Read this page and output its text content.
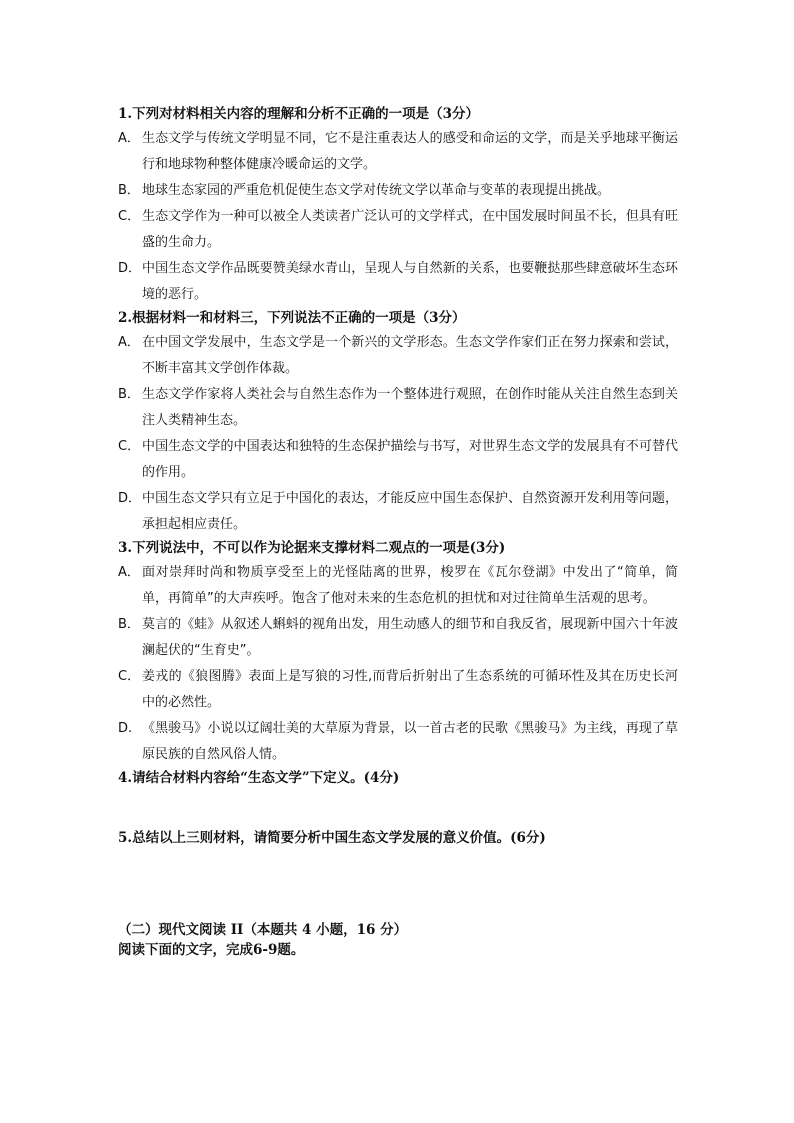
1.下列对材料相关内容的理解和分析不正确的一项是（3分）

A． 生态文学与传统文学明显不同，它不是注重表达人的感受和命运的文学，而是关乎地球平衡运行和地球物种整体健康冷暖命运的文学。

B． 地球生态家园的严重危机促使生态文学对传统文学以革命与变革的表现提出挑战。

C． 生态文学作为一种可以被全人类读者广泛认可的文学样式，在中国发展时间虽不长，但具有旺盛的生命力。

D． 中国生态文学作品既要赞美绿水青山，呈现人与自然新的关系，也要鞭挞那些肆意破坏生态环境的恶行。

2.根据材料一和材料三，下列说法不正确的一项是（3分）

A． 在中国文学发展中，生态文学是一个新兴的文学形态。生态文学作家们正在努力探索和尝试，不断丰富其文学创作体裁。

B． 生态文学作家将人类社会与自然生态作为一个整体进行观照，在创作时能从关注自然生态到关注人类精神生态。

C． 中国生态文学的中国表达和独特的生态保护描绘与书写，对世界生态文学的发展具有不可替代的作用。

D． 中国生态文学只有立足于中国化的表达，才能反应中国生态保护、自然资源开发利用等问题，承担起相应责任。

3.下列说法中，不可以作为论据来支撑材料二观点的一项是(3分)

A． 面对崇拜时尚和物质享受至上的光怪陆离的世界，梭罗在《瓦尔登湖》中发出了“简单，简单，再简单”的大声疾呼。饱含了他对未来的生态危机的担忧和对过往简单生活观的思考。

B． 莫言的《蛙》从叙述人蝌蚪的视角出发，用生动感人的细节和自我反省，展现新中国六十年波澜起伏的“生育史”。

C． 姜戎的《狼图腾》表面上是写狼的习性,而背后折射出了生态系统的可循环性及其在历史长河中的必然性。

D. 《黑骏马》小说以辽阔壮美的大草原为背景，以一首古老的民歌《黑骏马》为主线，再现了草原民族的自然风俗人情。

4.请结合材料内容给“生态文学”下定义。(4分)

5.总结以上三则材料，请简要分析中国生态文学发展的意义价值。(6分)

（二）现代文阅读 II（本题共 4 小题，16 分）

阅读下面的文字，完成6-9题。
